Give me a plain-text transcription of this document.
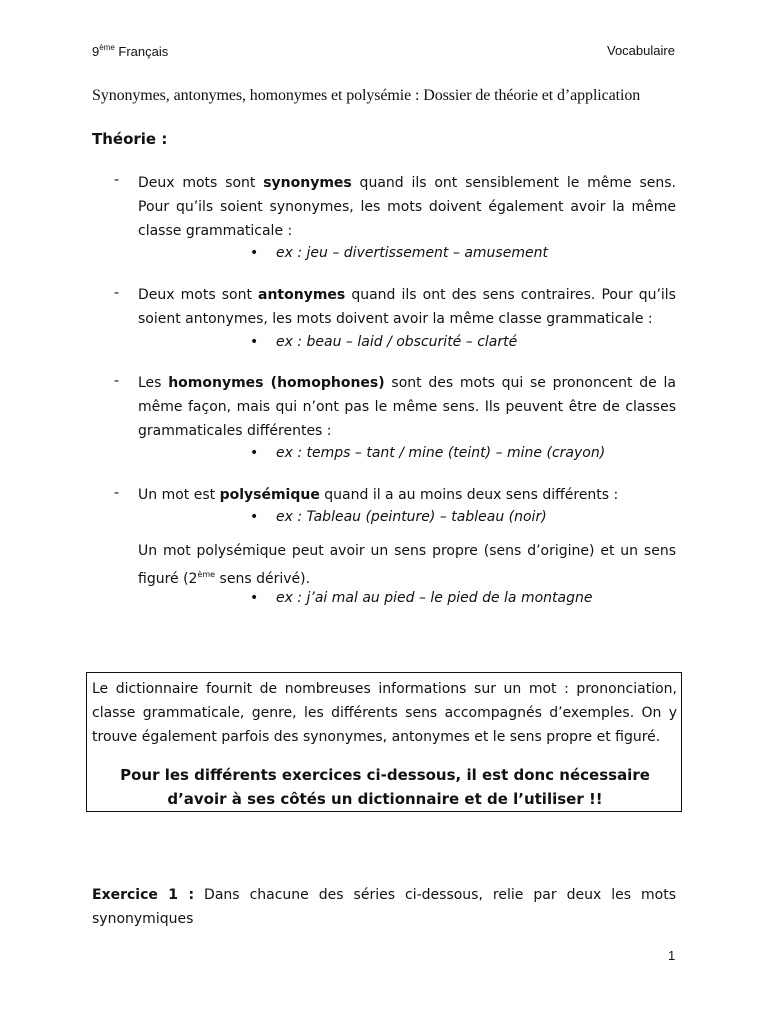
9ème Français	Vocabulaire
Synonymes, antonymes, homonymes et polysémie : Dossier de théorie et d’application
Théorie :
- Deux mots sont synonymes quand ils ont sensiblement le même sens. Pour qu’ils soient synonymes, les mots doivent également avoir la même classe grammaticale :
• ex : jeu – divertissement – amusement
- Deux mots sont antonymes quand ils ont des sens contraires. Pour qu’ils soient antonymes, les mots doivent avoir la même classe grammaticale :
• ex : beau – laid / obscurité – clarté
- Les homonymes (homophones) sont des mots qui se prononcent de la même façon, mais qui n’ont pas le même sens. Ils peuvent être de classes grammaticales différentes :
• ex : temps – tant / mine (teint) – mine (crayon)
- Un mot est polysémique quand il a au moins deux sens différents :
• ex : Tableau (peinture) – tableau (noir)
Un mot polysémique peut avoir un sens propre (sens d’origine) et un sens figuré (2ème sens dérivé).
• ex : j’ai mal au pied – le pied de la montagne
Le dictionnaire fournit de nombreuses informations sur un mot : prononciation, classe grammaticale, genre, les différents sens accompagnés d’exemples. On y trouve également parfois des synonymes, antonymes et le sens propre et figuré.
Pour les différents exercices ci-dessous, il est donc nécessaire
d’avoir à ses côtés un dictionnaire et de l’utiliser !!
Exercice 1 : Dans chacune des séries ci-dessous, relie par deux les mots synonymiques
1
